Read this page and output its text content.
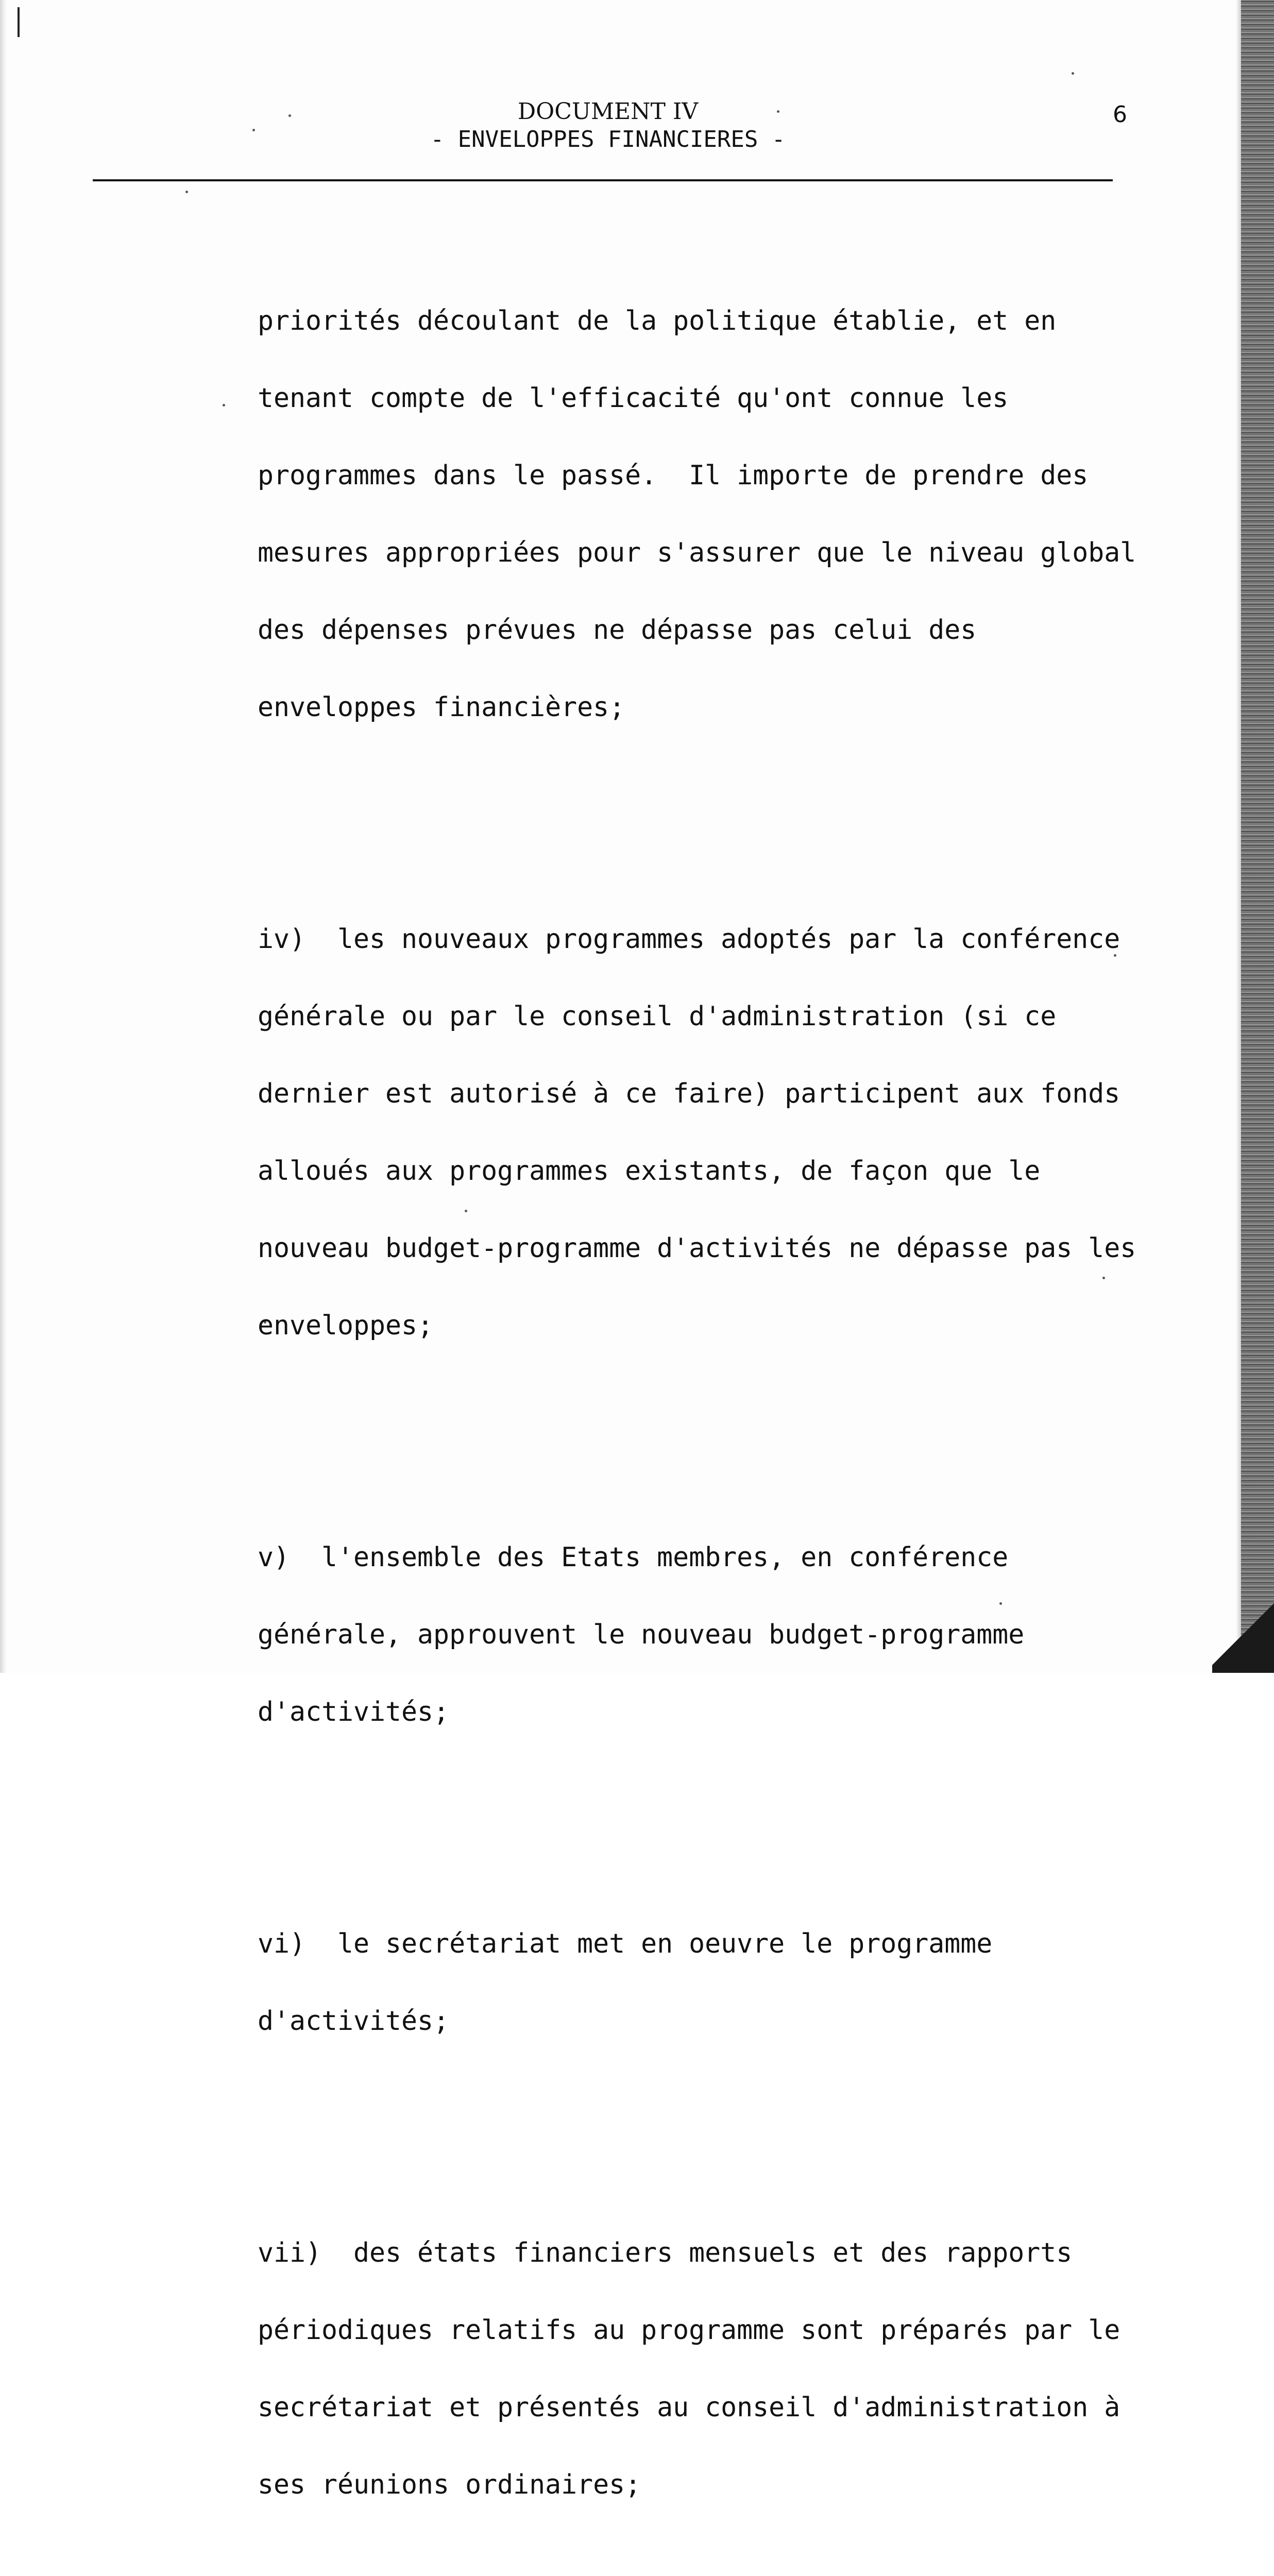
DOCUMENT IV
- ENVELOPPES FINANCIERES -
6

priorités découlant de la politique établie, et en

tenant compte de l'efficacité qu'ont connue les

programmes dans le passé.  Il importe de prendre des

mesures appropriées pour s'assurer que le niveau global

des dépenses prévues ne dépasse pas celui des

enveloppes financières;

iv)  les nouveaux programmes adoptés par la conférence

générale ou par le conseil d'administration (si ce

dernier est autorisé à ce faire) participent aux fonds

alloués aux programmes existants, de façon que le

nouveau budget-programme d'activités ne dépasse pas les

enveloppes;

v)  l'ensemble des Etats membres, en conférence

générale, approuvent le nouveau budget-programme

d'activités;

vi)  le secrétariat met en oeuvre le programme

d'activités;

vii)  des états financiers mensuels et des rapports

périodiques relatifs au programme sont préparés par le

secrétariat et présentés au conseil d'administration à

ses réunions ordinaires;
